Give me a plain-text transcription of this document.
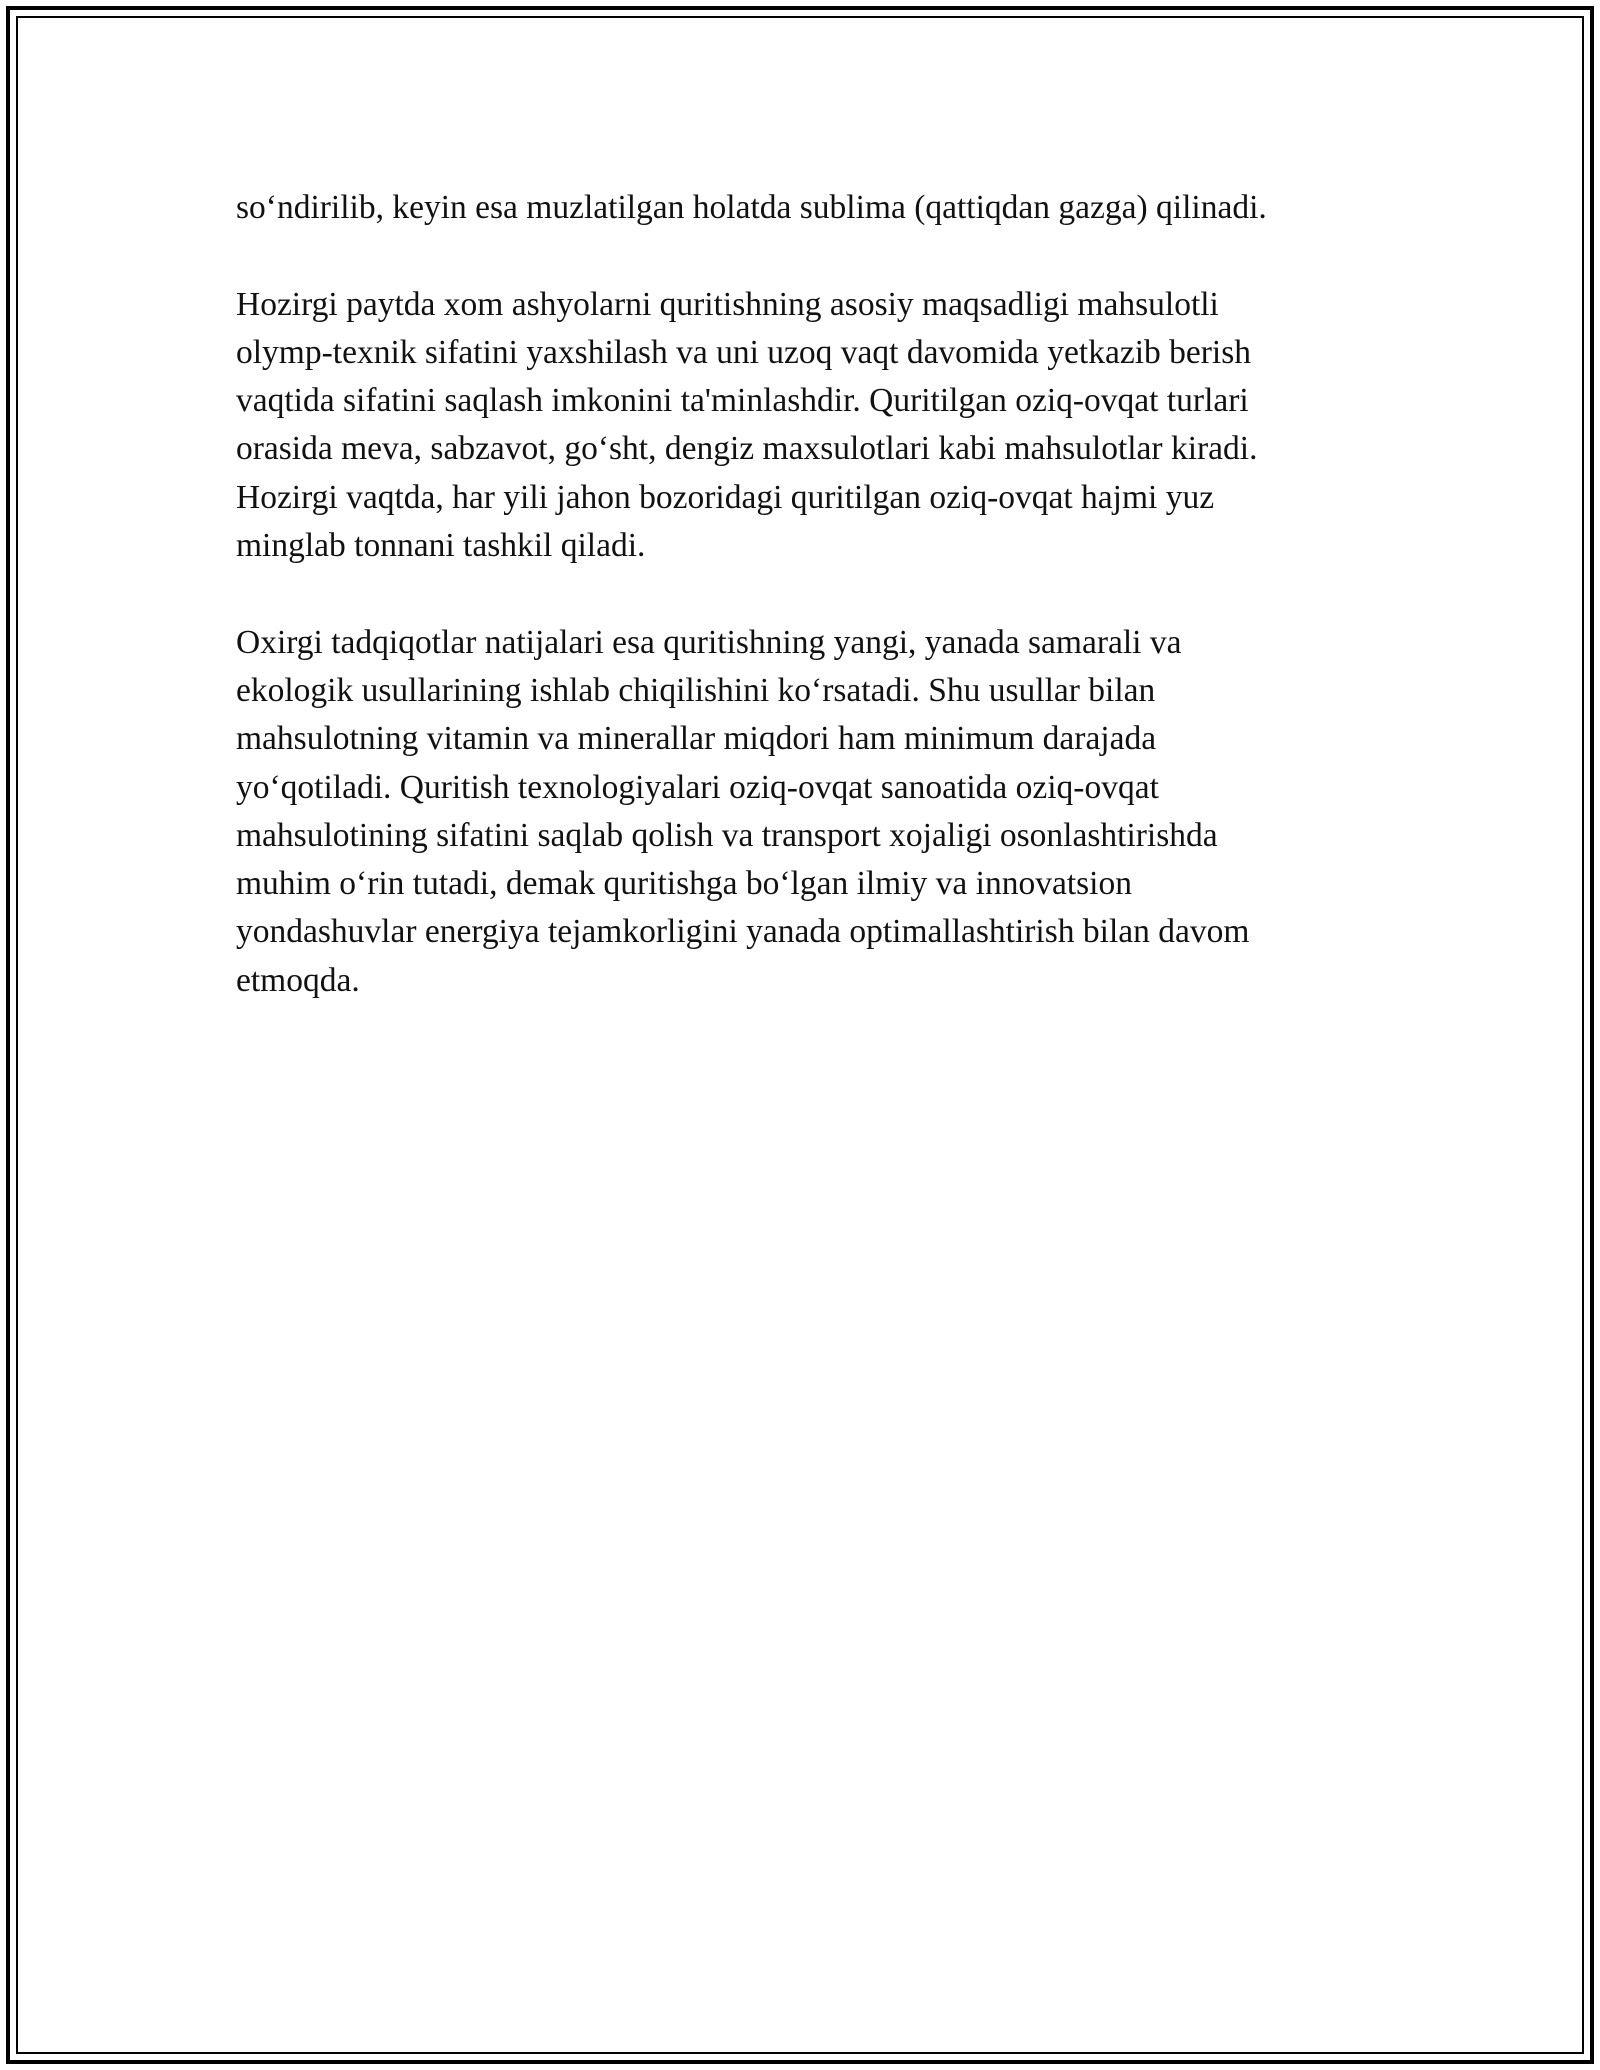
so‘ndirilib, keyin esa muzlatilgan holatda sublima (qattiqdan gazga) qilinadi.

Hozirgi paytda xom ashyolarni quritishning asosiy maqsadligi mahsulotli
olymp-texnik sifatini yaxshilash va uni uzoq vaqt davomida yetkazib berish
vaqtida sifatini saqlash imkonini ta'minlashdir. Quritilgan oziq-ovqat turlari
orasida meva, sabzavot, go‘sht, dengiz maxsulotlari kabi mahsulotlar kiradi.
Hozirgi vaqtda, har yili jahon bozoridagi quritilgan oziq-ovqat hajmi yuz
minglab tonnani tashkil qiladi.

Oxirgi tadqiqotlar natijalari esa quritishning yangi, yanada samarali va
ekologik usullarining ishlab chiqilishini ko‘rsatadi. Shu usullar bilan
mahsulotning vitamin va minerallar miqdori ham minimum darajada
yo‘qotiladi. Quritish texnologiyalari oziq-ovqat sanoatida oziq-ovqat
mahsulotining sifatini saqlab qolish va transport xojaligi osonlashtirishda
muhim o‘rin tutadi, demak quritishga bo‘lgan ilmiy va innovatsion
yondashuvlar energiya tejamkorligini yanada optimallashtirish bilan davom
etmoqda.
